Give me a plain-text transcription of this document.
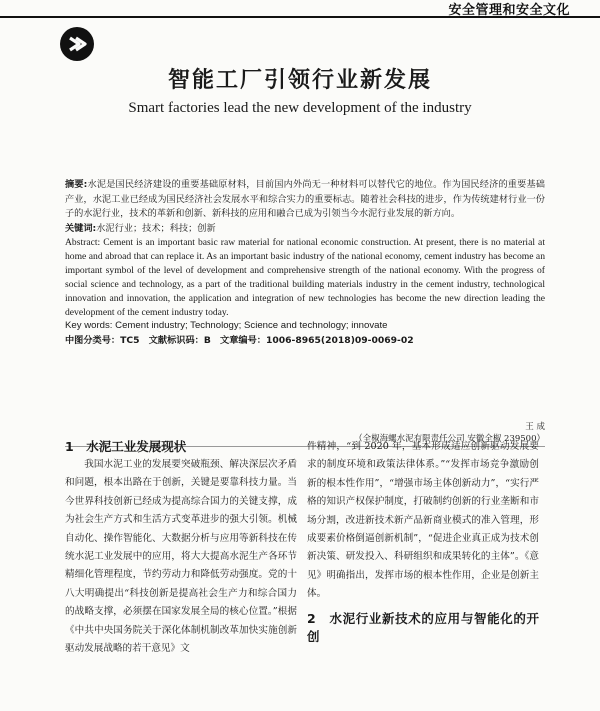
安全管理和安全文化
智能工厂引领行业新发展
Smart factories lead the new development of the industry

摘要:水泥是国民经济建设的重要基础原材料，目前国内外尚无一种材料可以替代它的地位。作为国民经济的重要基础产业，水泥工业已经成为国民经济社会发展水平和综合实力的重要标志。随着社会科技的进步，作为传统建材行业一份子的水泥行业，技术的革新和创新、新科技的应用和融合已成为引领当今水泥行业发展的新方向。

关键词:水泥行业；技术；科技；创新

Abstract: Cement is an important basic raw material for national economic construction. At present, there is no material at home and abroad that can replace it. As an important basic industry of the national economy, cement industry has become an important symbol of the level of development and comprehensive strength of the national economy. With the progress of social science and technology, as a part of the traditional building materials industry in the cement industry, technological innovation and innovation, the application and integration of new technologies has become the new direction leading the development of the cement industry today.

Key words: Cement industry; Technology; Science and technology; innovate

中图分类号：TC5　文献标识码：B　文章编号：1006-8965(2018)09-0069-02

王 成
（全椒海螺水泥有限责任公司 安徽全椒 239500）

1　水泥工业发展现状

我国水泥工业的发展要突破瓶颈、解决深层次矛盾和问题，根本出路在于创新，关键是要靠科技力量。当今世界科技创新已经成为提高综合国力的关键支撑，成为社会生产方式和生活方式变革进步的强大引领。机械自动化、操作智能化、大数据分析与应用等新科技在传统水泥工业发展中的应用，将大大提高水泥生产各环节精细化管理程度，节约劳动力和降低劳动强度。党的十八大明确提出“科技创新是提高社会生产力和综合国力的战略支撑，必须摆在国家发展全局的核心位置。”根据《中共中央国务院关于深化体制机制改革加快实施创新驱动发展战略的若干意见》文

件精神，“到 2020 年，基本形成适应创新驱动发展要求的制度环境和政策法律体系。”“发挥市场竞争激励创新的根本性作用”，“增强市场主体创新动力”，“实行严格的知识产权保护制度，打破制约创新的行业垄断和市场分割，改进新技术新产品新商业模式的准入管理，形成要素价格倒逼创新机制”，“促进企业真正成为技术创新决策、研发投入、科研组织和成果转化的主体”。《意见》明确指出，发挥市场的根本性作用，企业是创新主体。

2　水泥行业新技术的应用与智能化的开创
